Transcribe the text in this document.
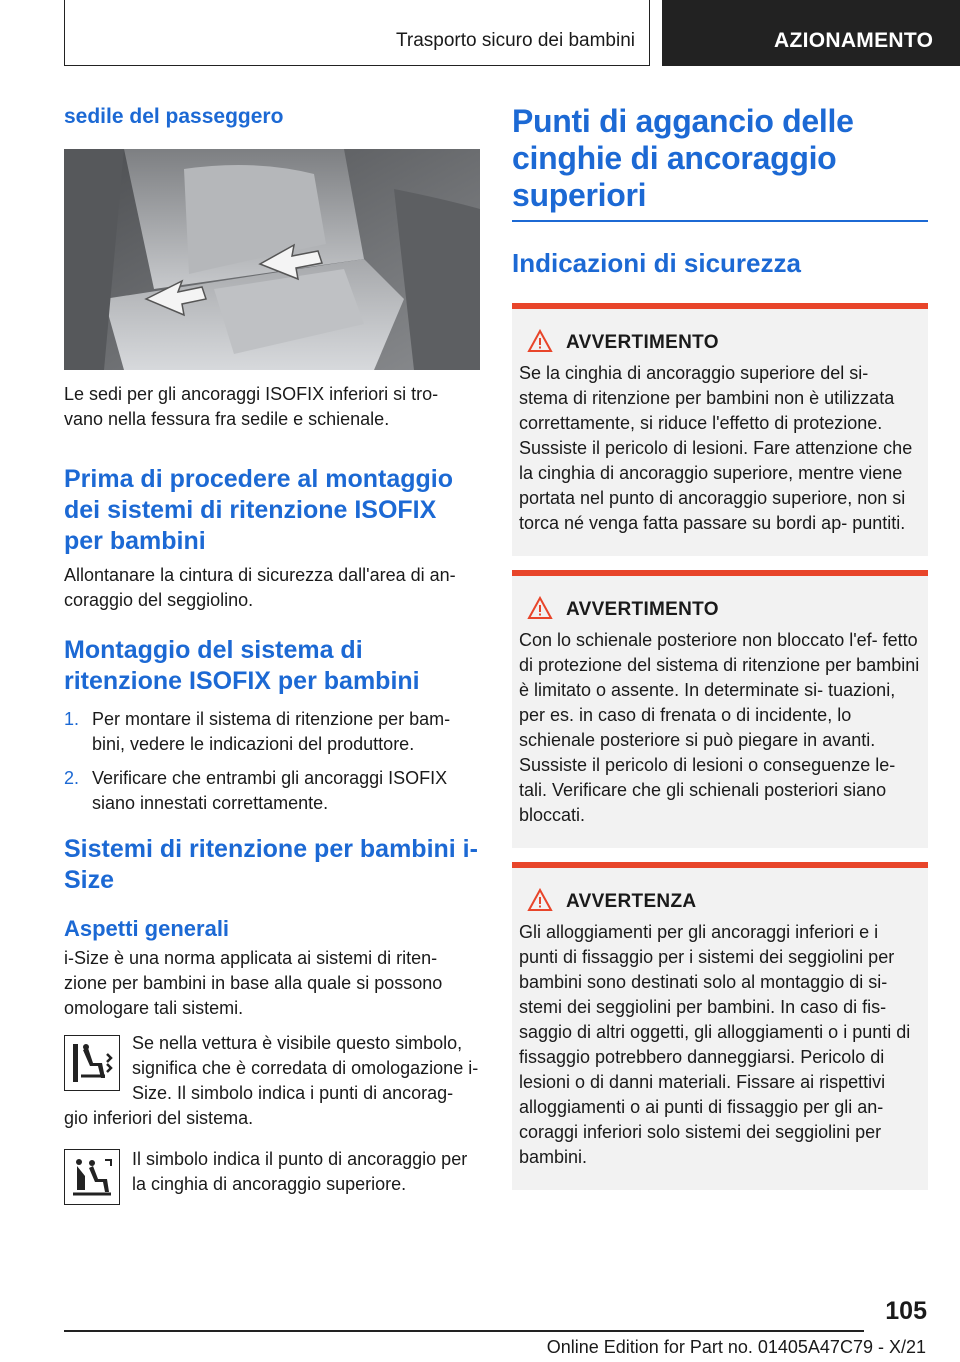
Trasporto sicuro dei bambini	AZIONAMENTO
sedile del passeggero

Le sedi per gli ancoraggi ISOFIX inferiori si tro- vano nella fessura fra sedile e schienale.

Prima di procedere al montaggio dei sistemi di ritenzione ISOFIX per bambini

Allontanare la cintura di sicurezza dall'area di an- coraggio del seggiolino.

Montaggio del sistema di ritenzione ISOFIX per bambini
1. Per montare il sistema di ritenzione per bam- bini, vedere le indicazioni del produttore.
2. Verificare che entrambi gli ancoraggi ISOFIX siano innestati correttamente.
Sistemi di ritenzione per bambini i-Size
Aspetti generali

i-Size è una norma applicata ai sistemi di riten- zione per bambini in base alla quale si possono omologare tali sistemi.

Se nella vettura è visibile questo simbolo, significa che è corredata di omologazione i-Size. Il simbolo indica i punti di ancorag- gio inferiori del sistema.

Il simbolo indica il punto di ancoraggio per la cinghia di ancoraggio superiore.

Punti di aggancio delle cinghie di ancoraggio superiori
Indicazioni di sicurezza
AVVERTIMENTO

Se la cinghia di ancoraggio superiore del si- stema di ritenzione per bambini non è utilizzata correttamente, si riduce l'effetto di protezione. Sussiste il pericolo di lesioni. Fare attenzione che la cinghia di ancoraggio superiore, mentre viene portata nel punto di ancoraggio superiore, non si torca né venga fatta passare su bordi ap- puntiti.

AVVERTIMENTO

Con lo schienale posteriore non bloccato l'ef- fetto di protezione del sistema di ritenzione per bambini è limitato o assente. In determinate si- tuazioni, per es. in caso di frenata o di incidente, lo schienale posteriore si può piegare in avanti. Sussiste il pericolo di lesioni o conseguenze le- tali. Verificare che gli schienali posteriori siano bloccati.

AVVERTENZA

Gli alloggiamenti per gli ancoraggi inferiori e i punti di fissaggio per i sistemi dei seggiolini per bambini sono destinati solo al montaggio di si- stemi dei seggiolini per bambini. In caso di fis- saggio di altri oggetti, gli alloggiamenti o i punti di fissaggio potrebbero danneggiarsi. Pericolo di lesioni o di danni materiali. Fissare ai rispettivi alloggiamenti o ai punti di fissaggio per gli an- coraggi inferiori solo sistemi dei seggiolini per bambini.

105
Online Edition for Part no. 01405A47C79 - X/21
